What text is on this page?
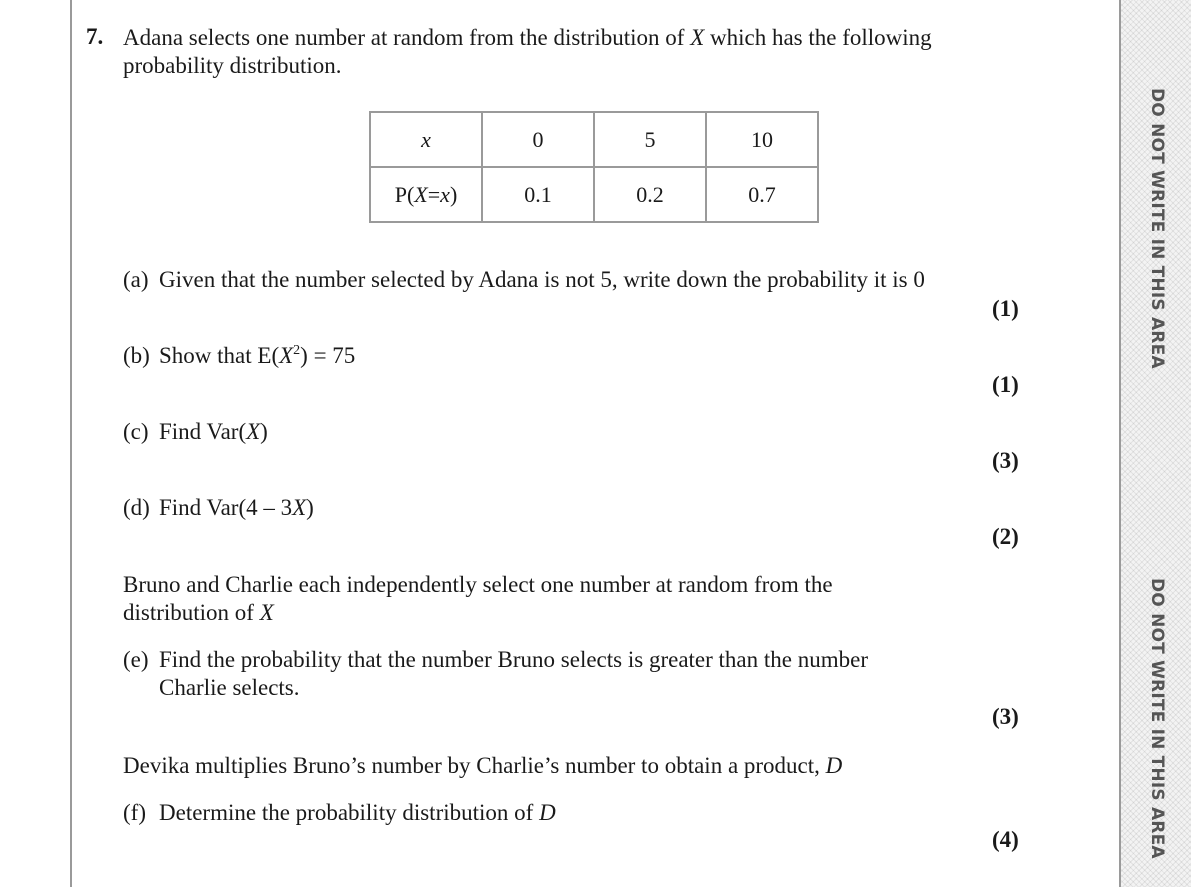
DO NOT WRITE IN THIS AREA
DO NOT WRITE IN THIS AREA
7. Adana selects one number at random from the distribution of X which has the following probability distribution.
x	0	5	10
P(X=x)	0.1	0.2	0.7
(a) Given that the number selected by Adana is not 5, write down the probability it is 0
(1)
(b) Show that $E(X^2) = 75$
(1)
(c) Find Var(X)
(3)
(d) Find Var(4 – 3X)
(2)
Bruno and Charlie each independently select one number at random from the distribution of X
(e) Find the probability that the number Bruno selects is greater than the number
Charlie selects.
(3)
Devika multiplies Bruno’s number by Charlie’s number to obtain a product, D
(f) Determine the probability distribution of D
(4)
